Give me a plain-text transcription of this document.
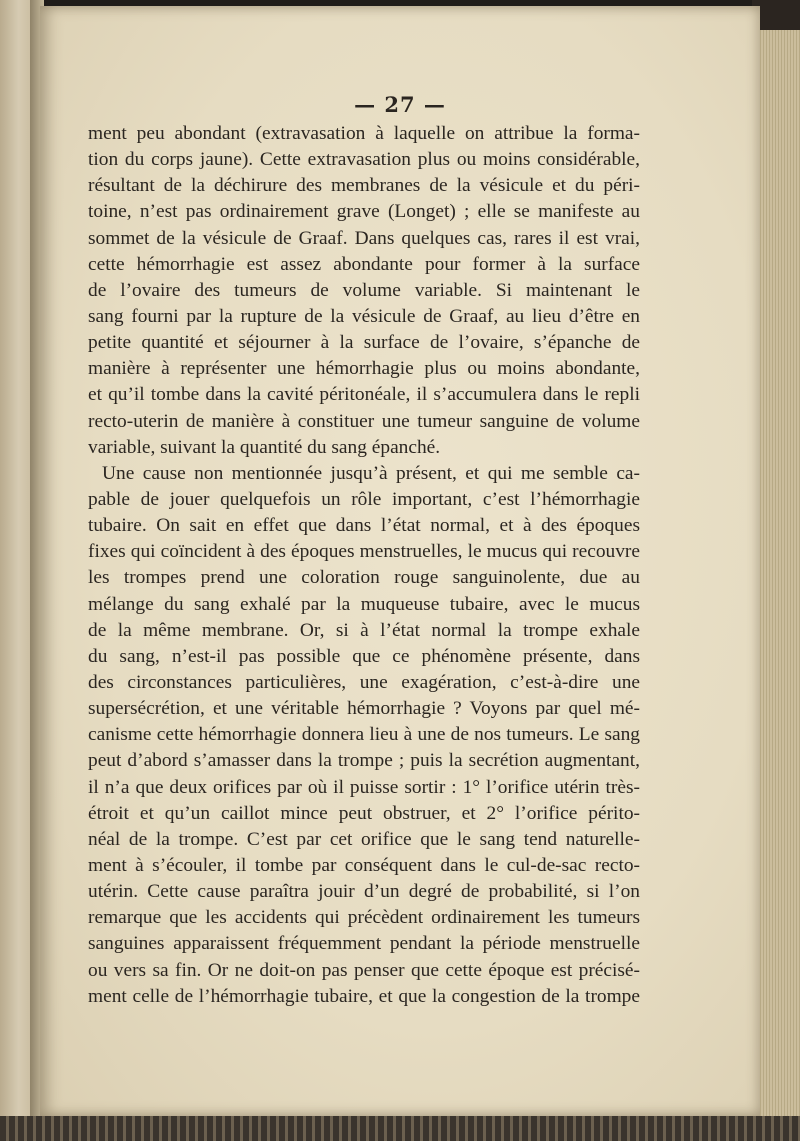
— 27 —
ment peu abondant (extravasation à laquelle on attribue la forma-
tion du corps jaune). Cette extravasation plus ou moins considérable,
résultant de la déchirure des membranes de la vésicule et du péri-
toine, n’est pas ordinairement grave (Longet) ; elle se manifeste au
sommet de la vésicule de Graaf. Dans quelques cas, rares il est vrai,
cette hémorrhagie est assez abondante pour former à la surface
de l’ovaire des tumeurs de volume variable. Si maintenant le
sang fourni par la rupture de la vésicule de Graaf, au lieu d’être en
petite quantité et séjourner à la surface de l’ovaire, s’épanche de
manière à représenter une hémorrhagie plus ou moins abondante,
et qu’il tombe dans la cavité péritonéale, il s’accumulera dans le repli
recto-uterin de manière à constituer une tumeur sanguine de volume
variable, suivant la quantité du sang épanché.
Une cause non mentionnée jusqu’à présent, et qui me semble ca-
pable de jouer quelquefois un rôle important, c’est l’hémorrhagie
tubaire. On sait en effet que dans l’état normal, et à des époques
fixes qui coïncident à des époques menstruelles, le mucus qui recouvre
les trompes prend une coloration rouge sanguinolente, due au
mélange du sang exhalé par la muqueuse tubaire, avec le mucus
de la même membrane. Or, si à l’état normal la trompe exhale
du sang, n’est-il pas possible que ce phénomène présente, dans
des circonstances particulières, une exagération, c’est-à-dire une
supersécrétion, et une véritable hémorrhagie ? Voyons par quel mé-
canisme cette hémorrhagie donnera lieu à une de nos tumeurs. Le sang
peut d’abord s’amasser dans la trompe ; puis la secrétion augmentant,
il n’a que deux orifices par où il puisse sortir : 1° l’orifice utérin très-
étroit et qu’un caillot mince peut obstruer, et 2° l’orifice périto-
néal de la trompe. C’est par cet orifice que le sang tend naturelle-
ment à s’écouler, il tombe par conséquent dans le cul-de-sac recto-
utérin. Cette cause paraîtra jouir d’un degré de probabilité, si l’on
remarque que les accidents qui précèdent ordinairement les tumeurs
sanguines apparaissent fréquemment pendant la période menstruelle
ou vers sa fin. Or ne doit-on pas penser que cette époque est précisé-
ment celle de l’hémorrhagie tubaire, et que la congestion de la trompe
